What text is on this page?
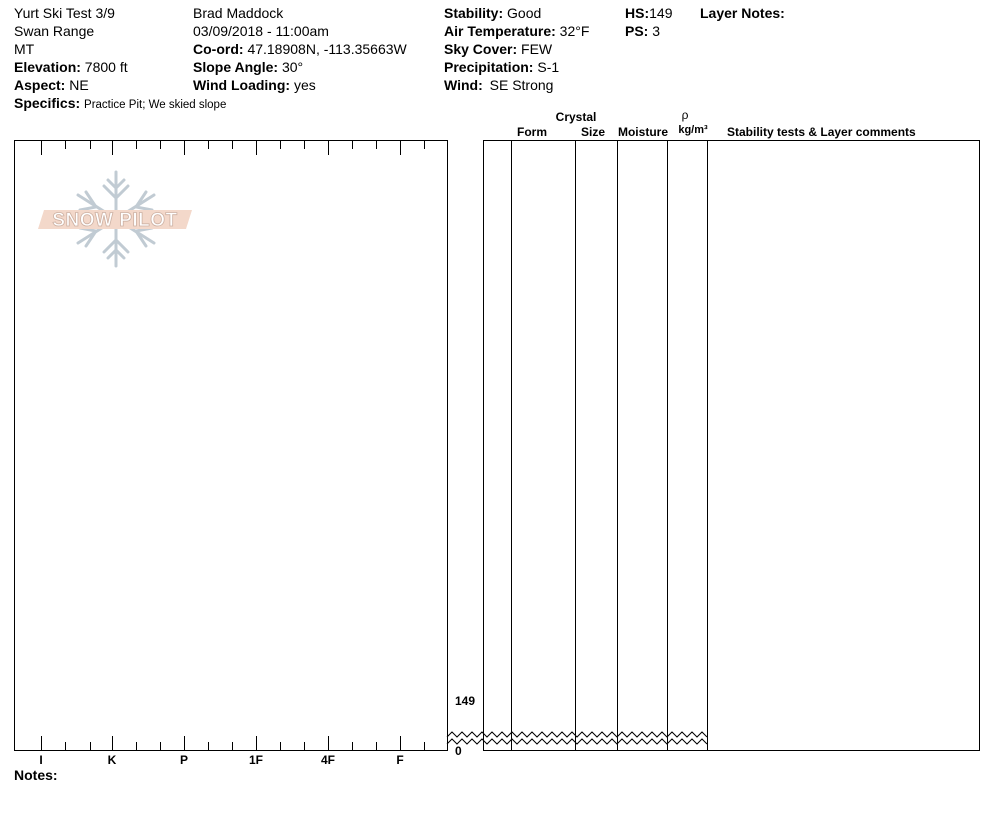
Yurt Ski Test 3/9
Swan Range
MT
Elevation: 7800 ft
Aspect: NE
Specifics: Practice Pit; We skied slope
Brad Maddock
03/09/2018 - 11:00am
Co-ord: 47.18908N, -113.35663W
Slope Angle: 30°
Wind Loading: yes
Stability: Good
Air Temperature: 32°F
Sky Cover: FEW
Precipitation: S-1
Wind: SE Strong
HS:149
PS: 3
Layer Notes:
Crystal
Form	Size	Moisture
ρ
kg/m³	Stability tests & Layer comments
SNOW PILOT
I	K	P	1F	4F	F
149
0
Notes:
